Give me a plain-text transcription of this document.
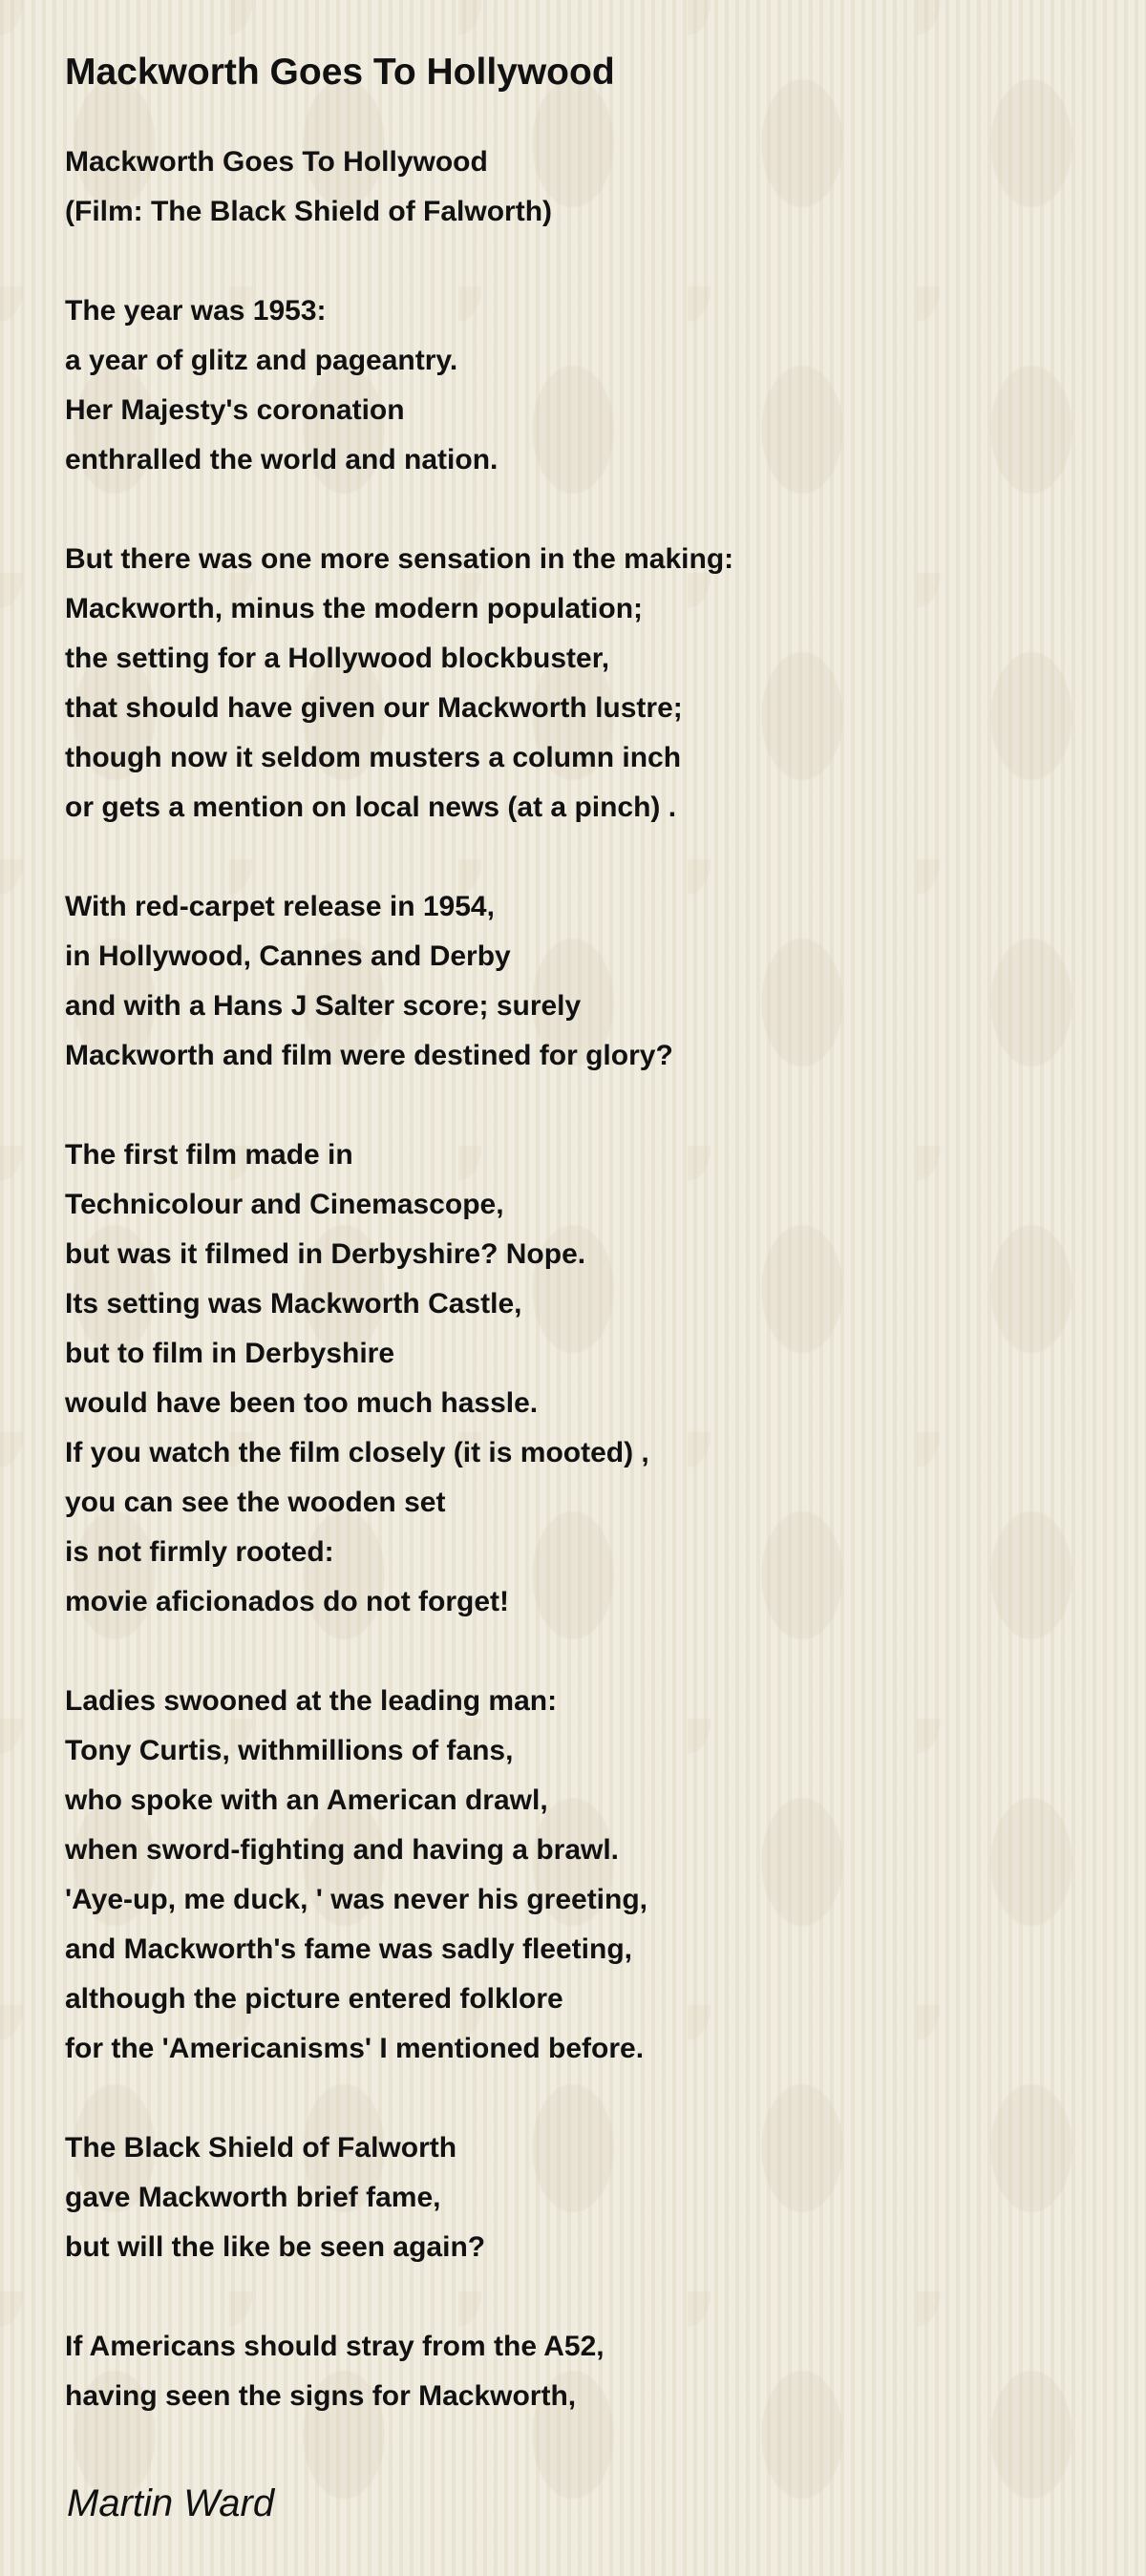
Mackworth Goes To Hollywood
Mackworth Goes To Hollywood
(Film: The Black Shield of Falworth)
The year was 1953:
a year of glitz and pageantry.
Her Majesty's coronation
enthralled the world and nation.
But there was one more sensation in the making:
Mackworth, minus the modern population;
the setting for a Hollywood blockbuster,
that should have given our Mackworth lustre;
though now it seldom musters a column inch
or gets a mention on local news (at a pinch) .
With red-carpet release in 1954,
in Hollywood, Cannes and Derby
and with a Hans J Salter score; surely
Mackworth and film were destined for glory?
The first film made in
Technicolour and Cinemascope,
but was it filmed in Derbyshire? Nope.
Its setting was Mackworth Castle,
but to film in Derbyshire
would have been too much hassle.
If you watch the film closely (it is mooted) ,
you can see the wooden set
is not firmly rooted:
movie aficionados do not forget!
Ladies swooned at the leading man:
Tony Curtis, withmillions of fans,
who spoke with an American drawl,
when sword-fighting and having a brawl.
'Aye-up, me duck, ' was never his greeting,
and Mackworth's fame was sadly fleeting,
although the picture entered folklore
for the 'Americanisms' I mentioned before.
The Black Shield of Falworth
gave Mackworth brief fame,
but will the like be seen again?
If Americans should stray from the A52,
having seen the signs for Mackworth,
Martin Ward
